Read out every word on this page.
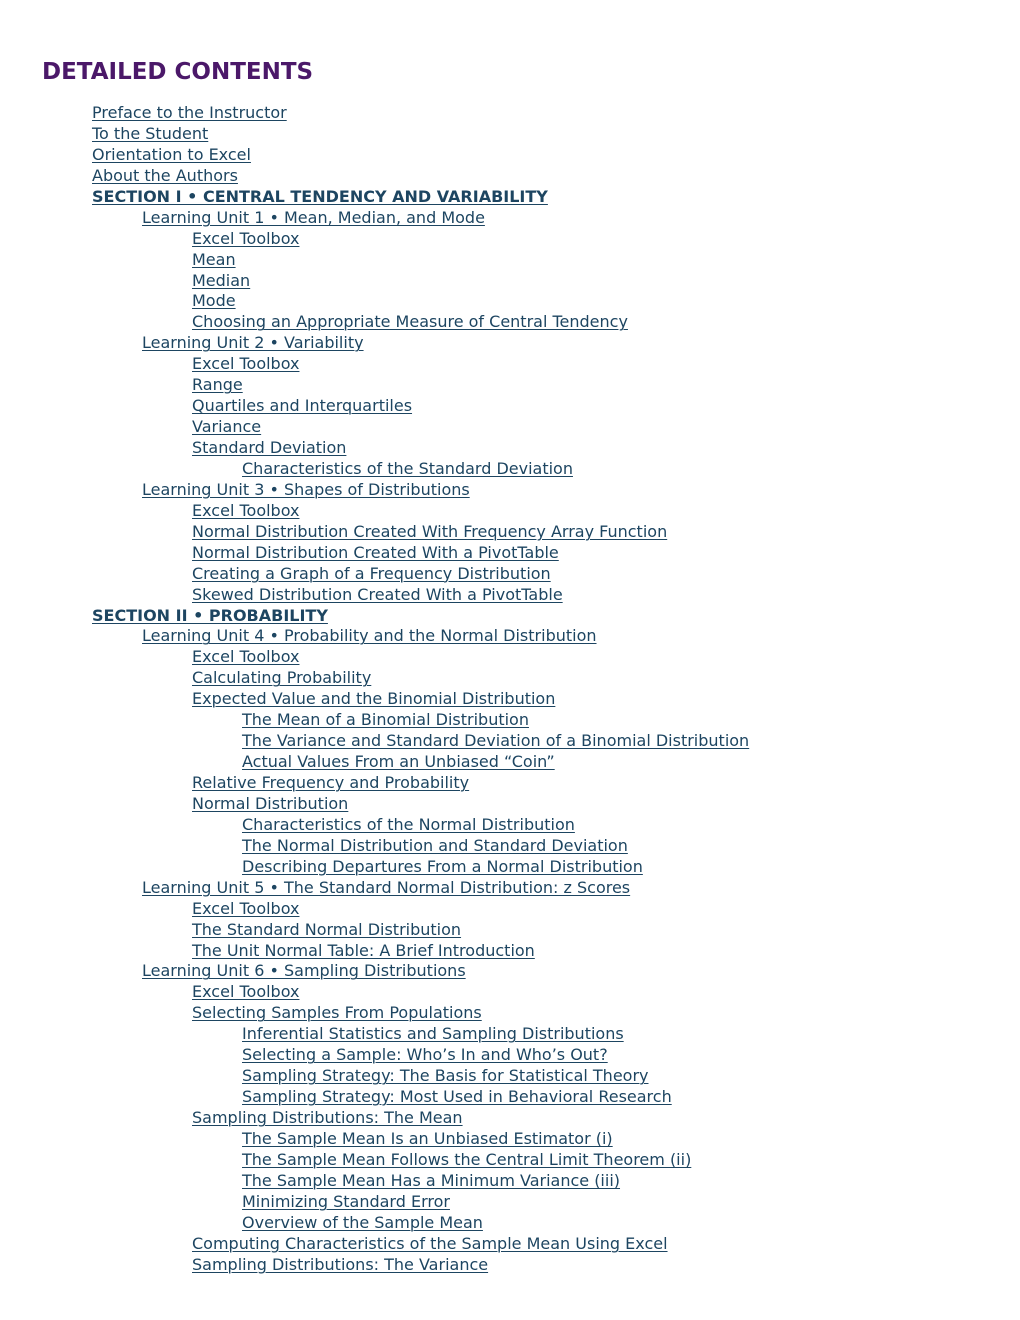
DETAILED CONTENTS
Preface to the Instructor
To the Student
Orientation to Excel
About the Authors
SECTION I • CENTRAL TENDENCY AND VARIABILITY
Learning Unit 1 • Mean, Median, and Mode
Excel Toolbox
Mean
Median
Mode
Choosing an Appropriate Measure of Central Tendency
Learning Unit 2 • Variability
Excel Toolbox
Range
Quartiles and Interquartiles
Variance
Standard Deviation
Characteristics of the Standard Deviation
Learning Unit 3 • Shapes of Distributions
Excel Toolbox
Normal Distribution Created With Frequency Array Function
Normal Distribution Created With a PivotTable
Creating a Graph of a Frequency Distribution
Skewed Distribution Created With a PivotTable
SECTION II • PROBABILITY
Learning Unit 4 • Probability and the Normal Distribution
Excel Toolbox
Calculating Probability
Expected Value and the Binomial Distribution
The Mean of a Binomial Distribution
The Variance and Standard Deviation of a Binomial Distribution
Actual Values From an Unbiased “Coin”
Relative Frequency and Probability
Normal Distribution
Characteristics of the Normal Distribution
The Normal Distribution and Standard Deviation
Describing Departures From a Normal Distribution
Learning Unit 5 • The Standard Normal Distribution: z Scores
Excel Toolbox
The Standard Normal Distribution
The Unit Normal Table: A Brief Introduction
Learning Unit 6 • Sampling Distributions
Excel Toolbox
Selecting Samples From Populations
Inferential Statistics and Sampling Distributions
Selecting a Sample: Who’s In and Who’s Out?
Sampling Strategy: The Basis for Statistical Theory
Sampling Strategy: Most Used in Behavioral Research
Sampling Distributions: The Mean
The Sample Mean Is an Unbiased Estimator (i)
The Sample Mean Follows the Central Limit Theorem (ii)
The Sample Mean Has a Minimum Variance (iii)
Minimizing Standard Error
Overview of the Sample Mean
Computing Characteristics of the Sample Mean Using Excel
Sampling Distributions: The Variance
